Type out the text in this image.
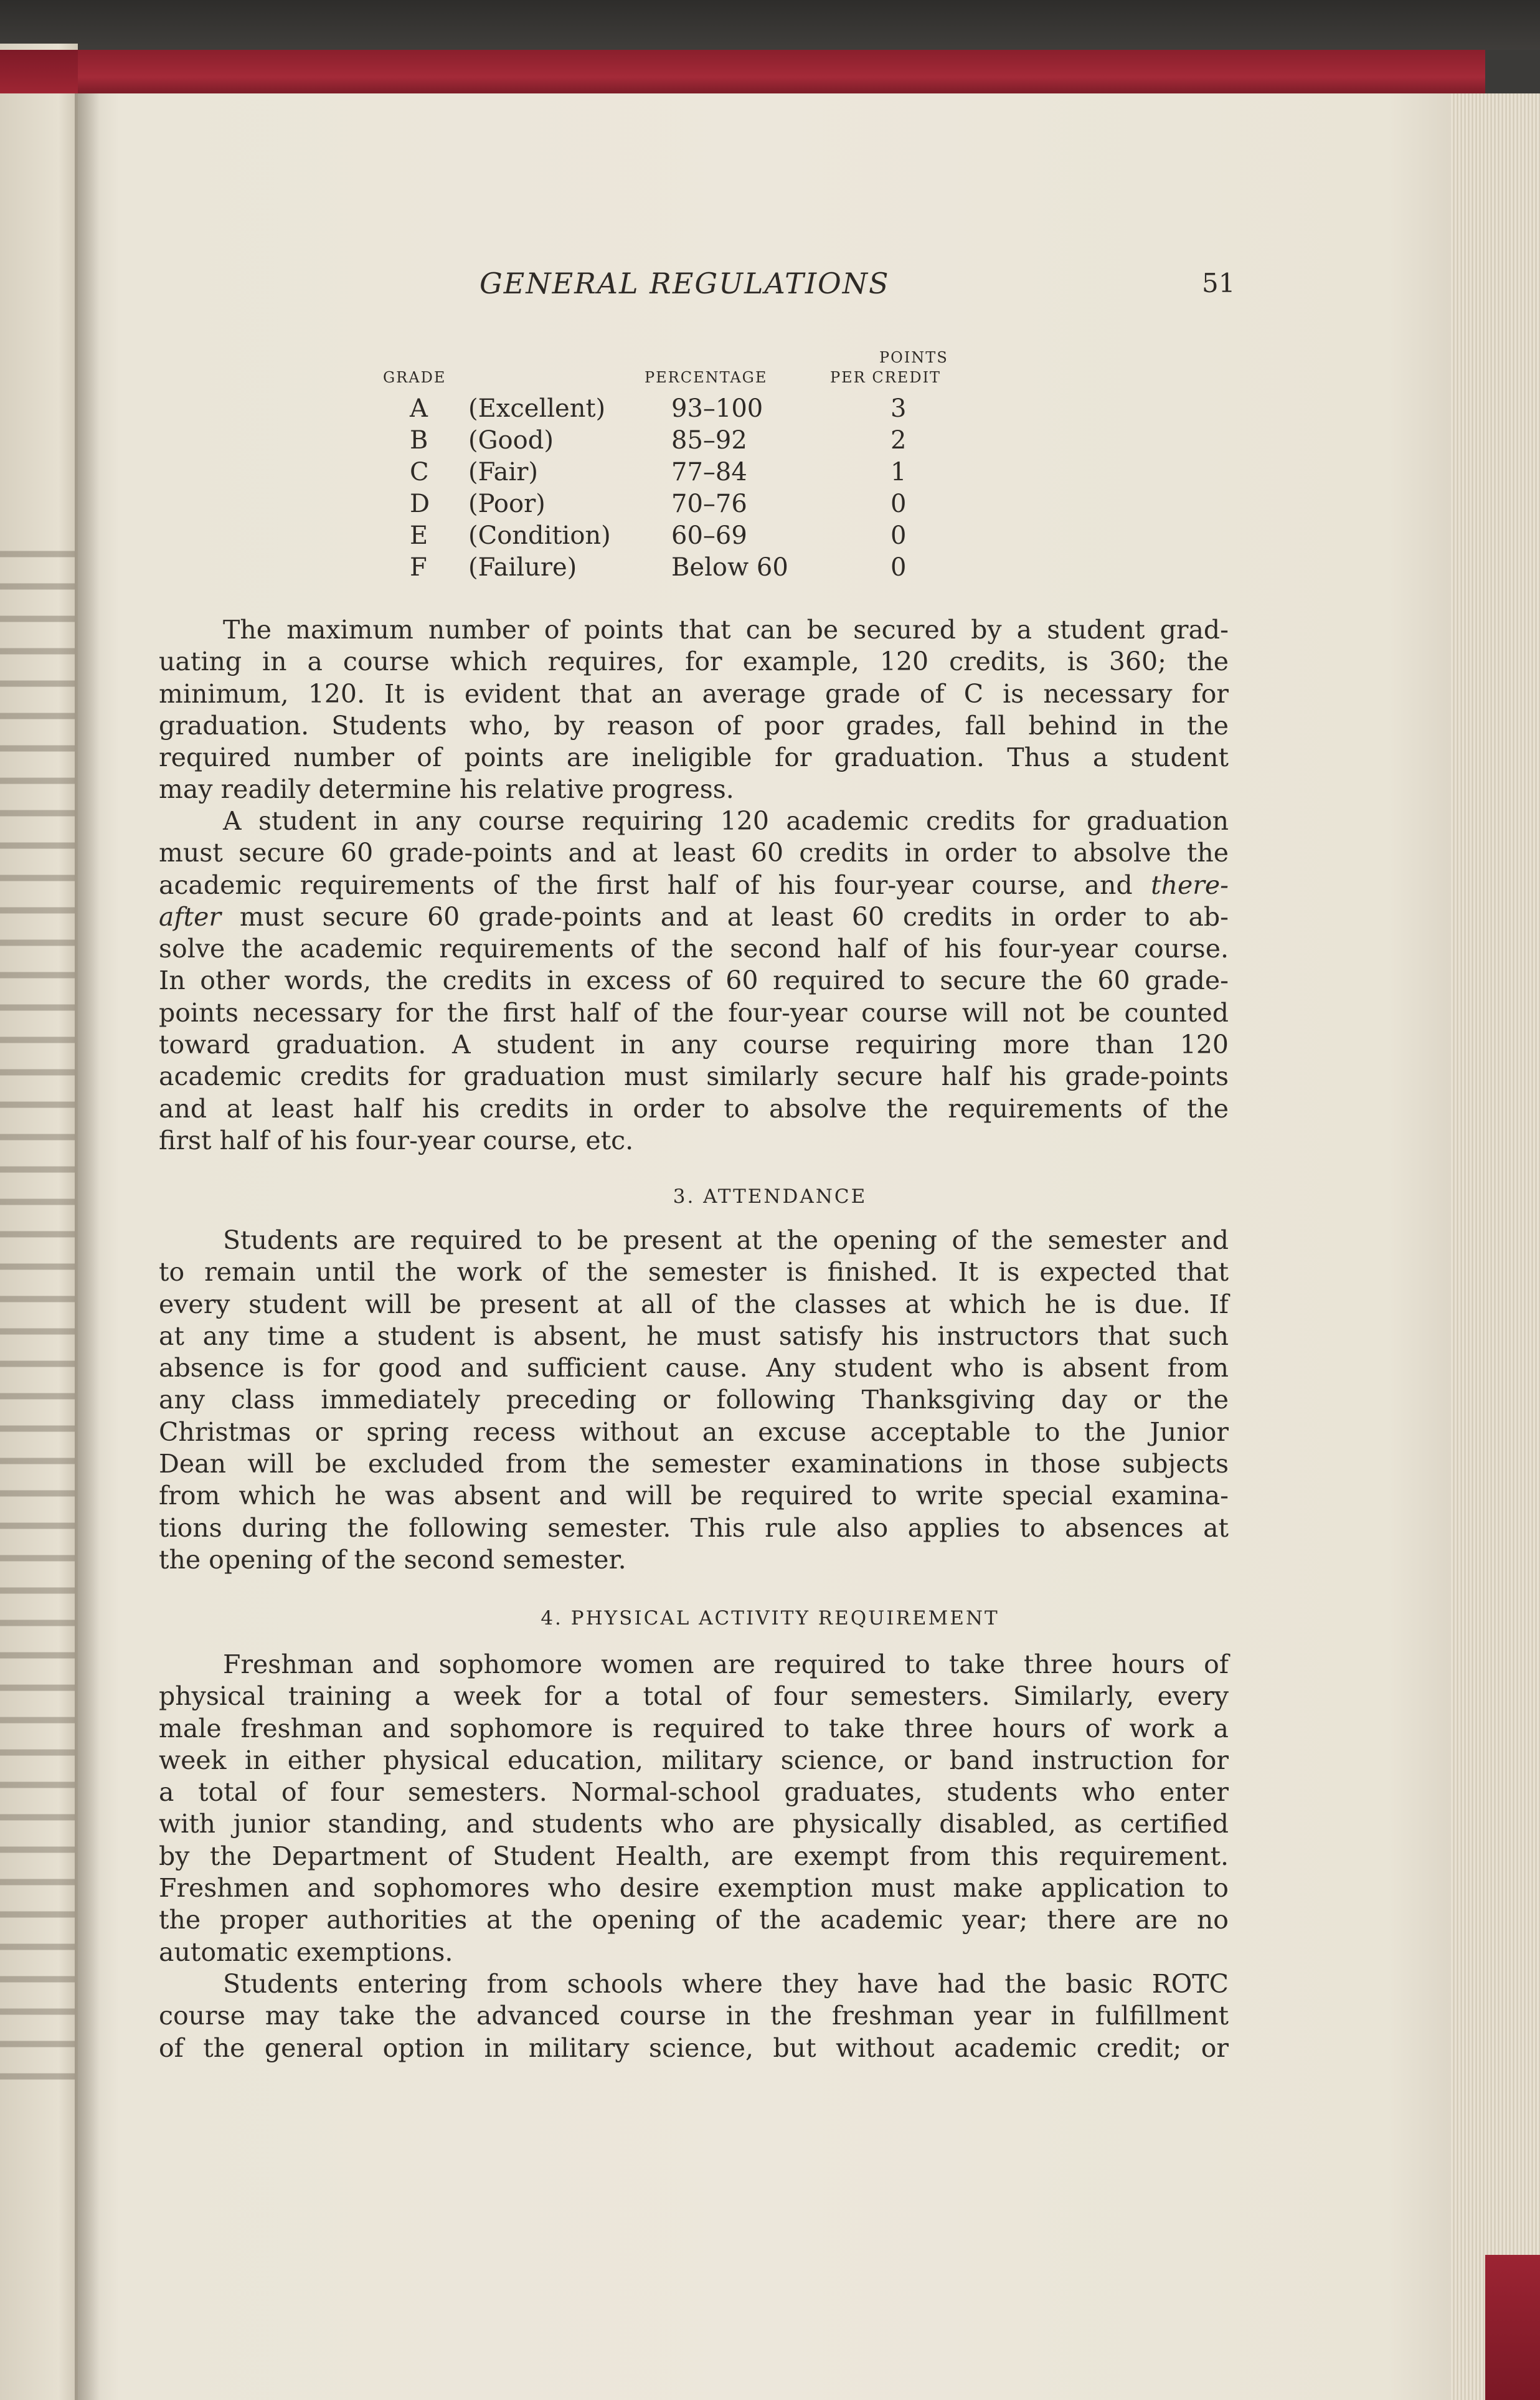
GENERAL REGULATIONS	51
GRADE	PERCENTAGE
POINTS
PER CREDIT
A (Excellent)	93–100	3
B (Good)	85–92	2
C (Fair)	77–84	1
D (Poor)	70–76	0
E (Condition) 60–69	0
F (Failure)	Below 60	0
The maximum number of points that can be secured by a student grad-
uating in a course which requires, for example, 120 credits, is 360; the
minimum, 120. It is evident that an average grade of C is necessary for
graduation. Students who, by reason of poor grades, fall behind in the
required number of points are ineligible for graduation. Thus a student
may readily determine his relative progress.
A student in any course requiring 120 academic credits for graduation
must secure 60 grade-points and at least 60 credits in order to absolve the
academic requirements of the first half of his four-year course, and there-
after must secure 60 grade-points and at least 60 credits in order to ab-
solve the academic requirements of the second half of his four-year course.
In other words, the credits in excess of 60 required to secure the 60 grade-
points necessary for the first half of the four-year course will not be counted
toward graduation. A student in any course requiring more than 120
academic credits for graduation must similarly secure half his grade-points
and at least half his credits in order to absolve the requirements of the
first half of his four-year course, etc.
3. ATTENDANCE
Students are required to be present at the opening of the semester and
to remain until the work of the semester is finished. It is expected that
every student will be present at all of the classes at which he is due. If
at any time a student is absent, he must satisfy his instructors that such
absence is for good and sufficient cause. Any student who is absent from
any class immediately preceding or following Thanksgiving day or the
Christmas or spring recess without an excuse acceptable to the Junior
Dean will be excluded from the semester examinations in those subjects
from which he was absent and will be required to write special examina-
tions during the following semester. This rule also applies to absences at
the opening of the second semester.
4. PHYSICAL ACTIVITY REQUIREMENT
Freshman and sophomore women are required to take three hours of
physical training a week for a total of four semesters. Similarly, every
male freshman and sophomore is required to take three hours of work a
week in either physical education, military science, or band instruction for
a total of four semesters. Normal-school graduates, students who enter
with junior standing, and students who are physically disabled, as certified
by the Department of Student Health, are exempt from this requirement.
Freshmen and sophomores who desire exemption must make application to
the proper authorities at the opening of the academic year; there are no
automatic exemptions.
Students entering from schools where they have had the basic ROTC
course may take the advanced course in the freshman year in fulfillment
of the general option in military science, but without academic credit; or
